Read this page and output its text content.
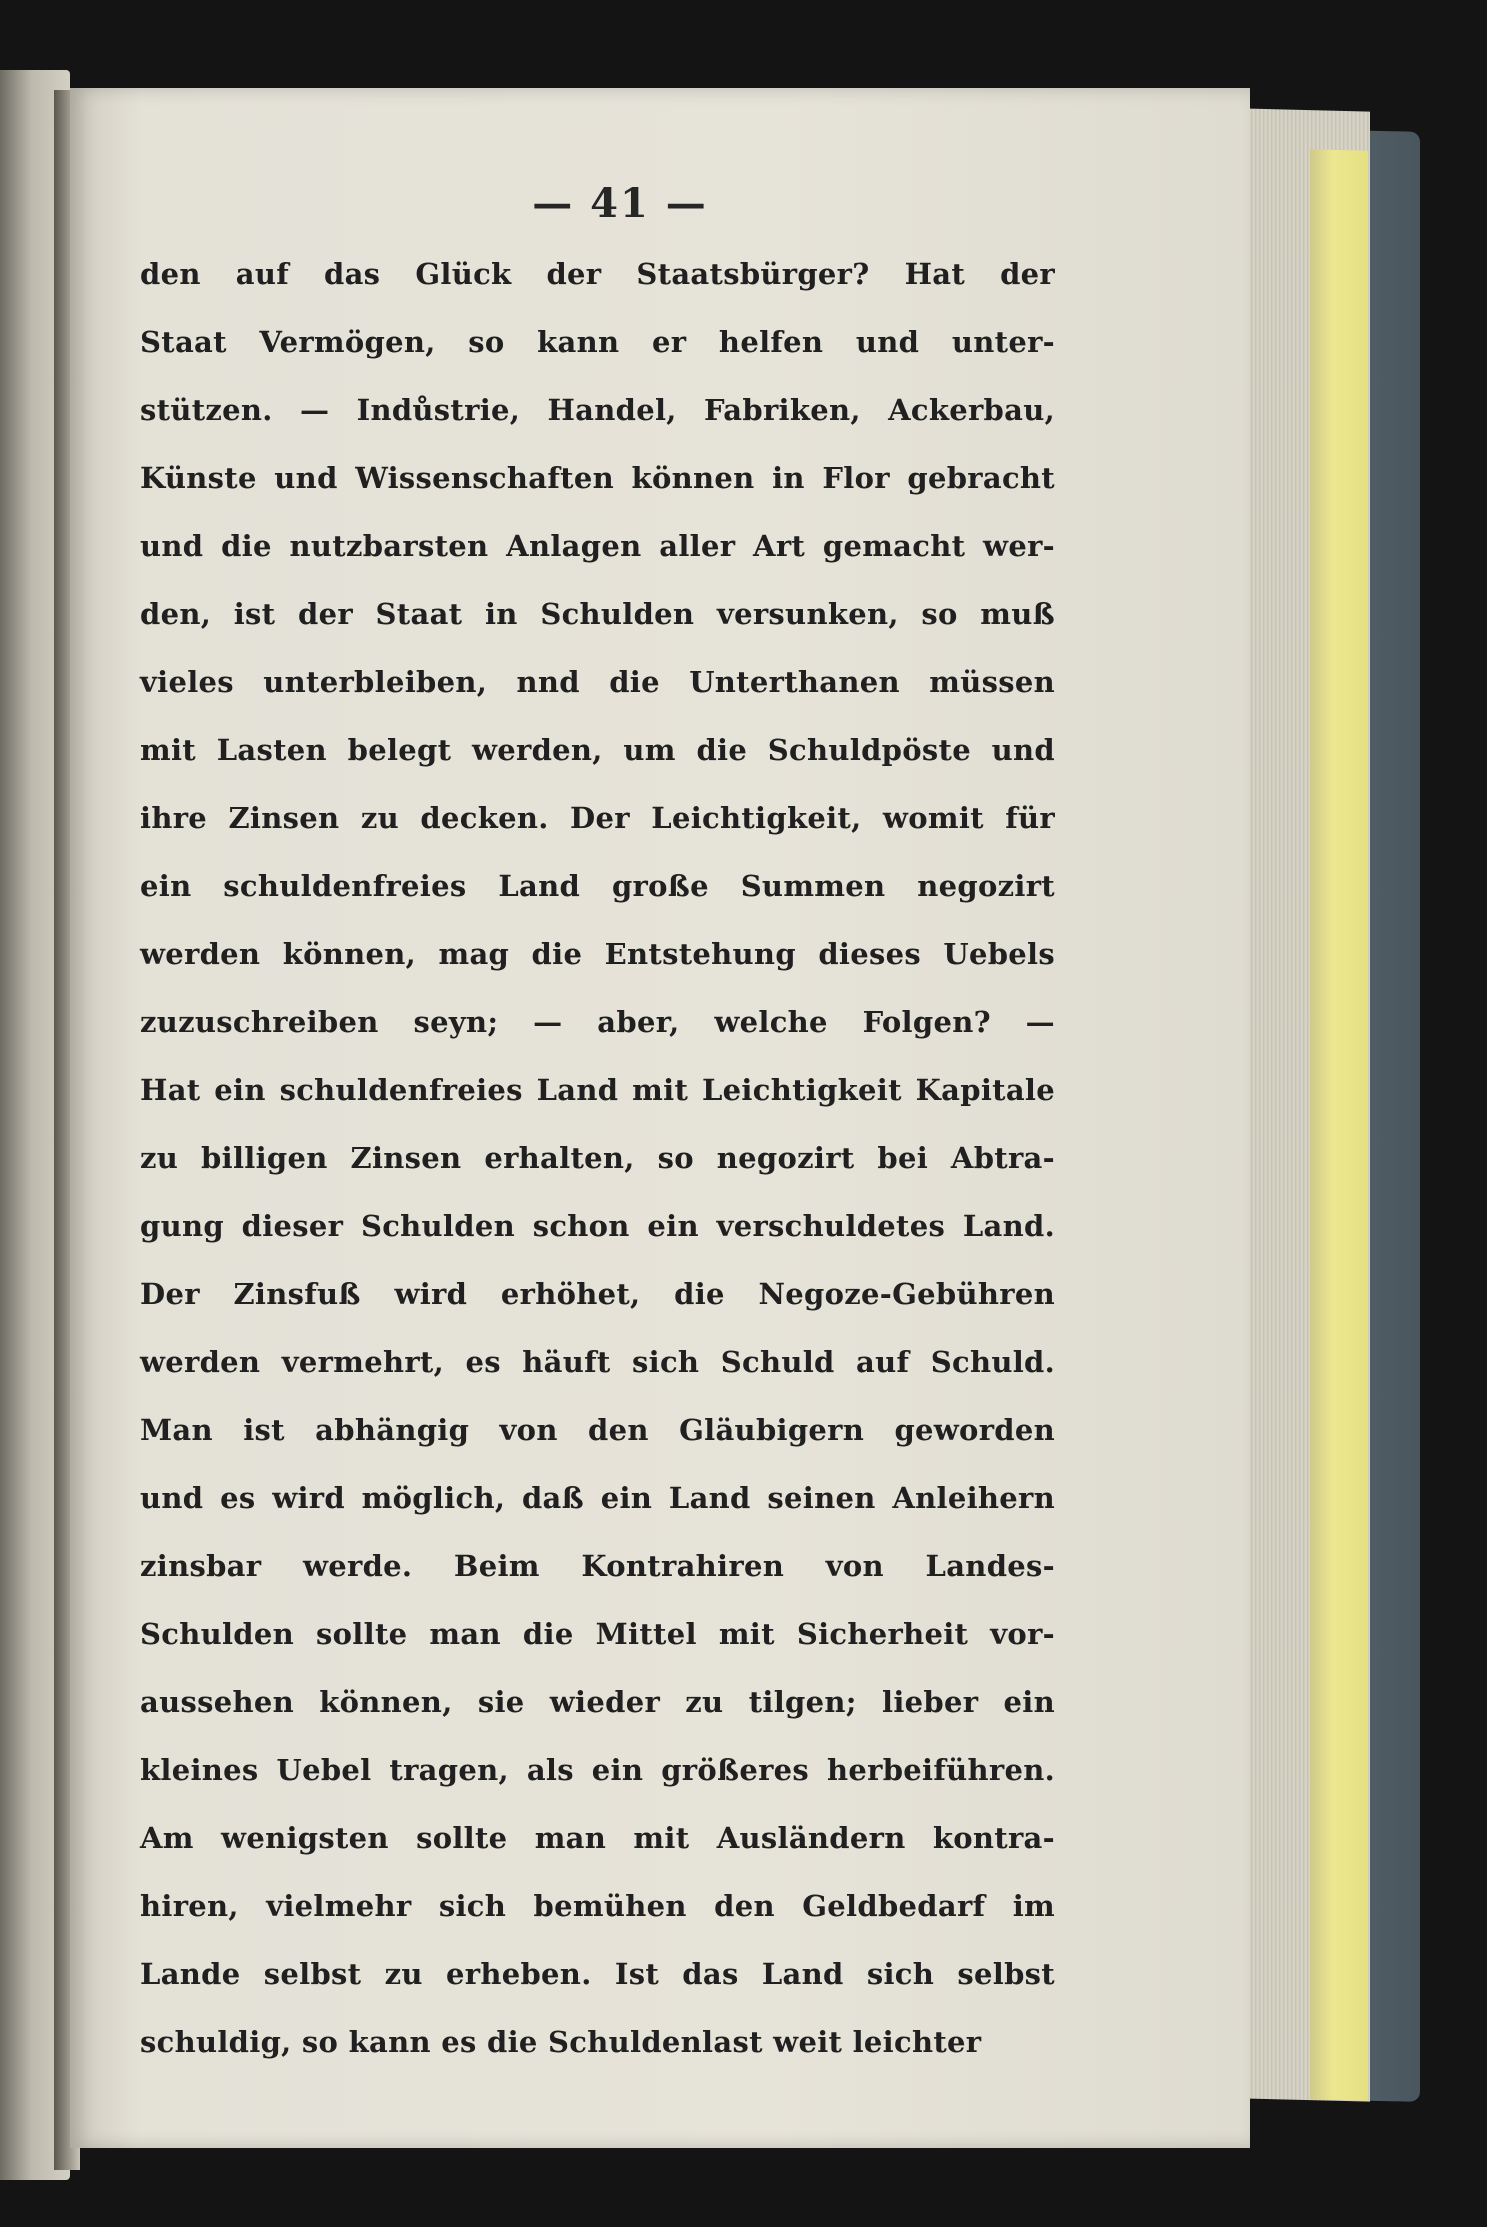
— 41 —
den auf das Glück der Staatsbürger? Hat der
Staat Vermögen, so kann er helfen und unter-
stützen. — Indůstrie, Handel, Fabriken, Ackerbau,
Künste und Wissenschaften können in Flor gebracht
und die nutzbarsten Anlagen aller Art gemacht wer-
den, ist der Staat in Schulden versunken, so muß
vieles unterbleiben, nnd die Unterthanen müssen
mit Lasten belegt werden, um die Schuldpöste und
ihre Zinsen zu decken. Der Leichtigkeit, womit für
ein schuldenfreies Land große Summen negozirt
werden können, mag die Entstehung dieses Uebels
zuzuschreiben seyn; — aber, welche Folgen? —
Hat ein schuldenfreies Land mit Leichtigkeit Kapitale
zu billigen Zinsen erhalten, so negozirt bei Abtra-
gung dieser Schulden schon ein verschuldetes Land.
Der Zinsfuß wird erhöhet, die Negoze-Gebühren
werden vermehrt, es häuft sich Schuld auf Schuld.
Man ist abhängig von den Gläubigern geworden
und es wird möglich, daß ein Land seinen Anleihern
zinsbar werde. Beim Kontrahiren von Landes-
Schulden sollte man die Mittel mit Sicherheit vor-
aussehen können, sie wieder zu tilgen; lieber ein
kleines Uebel tragen, als ein größeres herbeiführen.
Am wenigsten sollte man mit Ausländern kontra-
hiren, vielmehr sich bemühen den Geldbedarf im
Lande selbst zu erheben. Ist das Land sich selbst
schuldig, so kann es die Schuldenlast weit leichter
